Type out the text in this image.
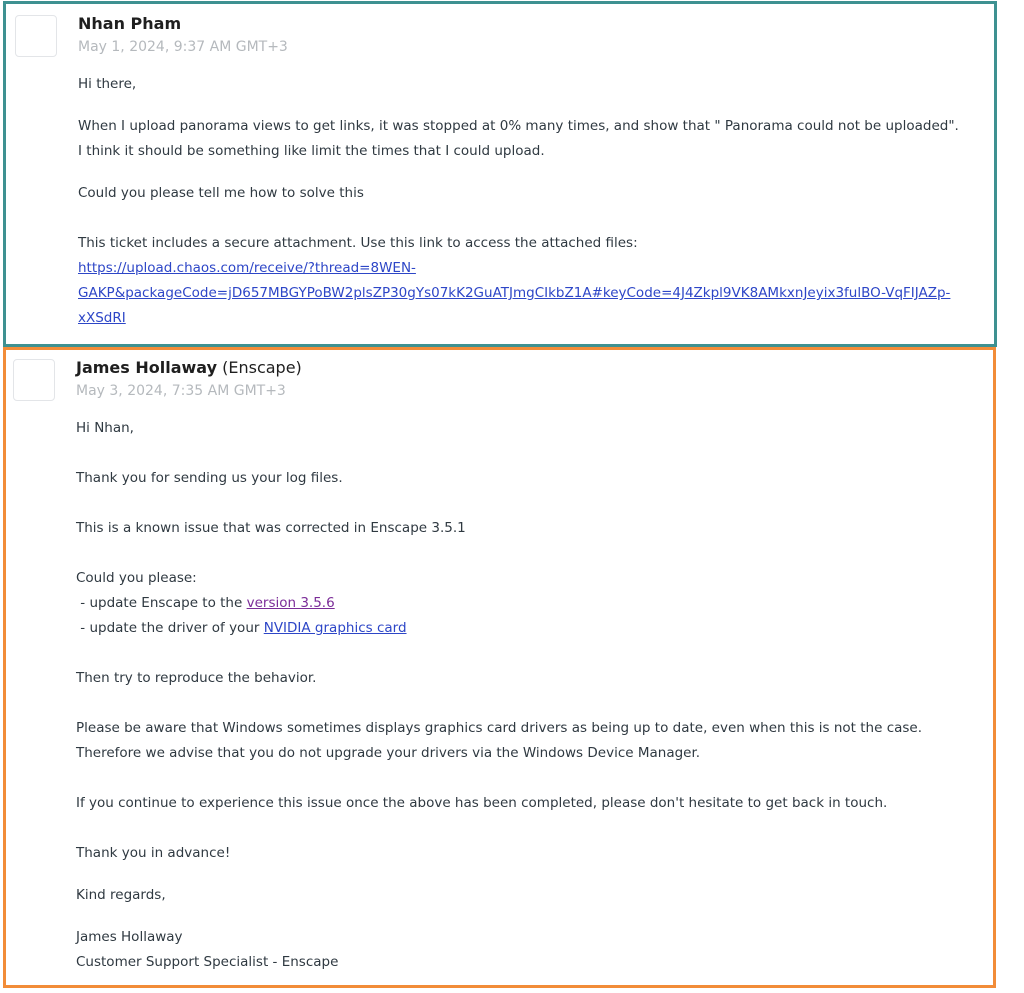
Nhan Pham
May 1, 2024, 9:37 AM GMT+3

Hi there,

When I upload panorama views to get links, it was stopped at 0% many times, and show that " Panorama could not be uploaded".
I think it should be something like limit the times that I could upload.

Could you please tell me how to solve this

This ticket includes a secure attachment. Use this link to access the attached files:

https://upload.chaos.com/receive/?thread=8WEN-
GAKP&packageCode=jD657MBGYPoBW2plsZP30gYs07kK2GuATJmgCIkbZ1A#keyCode=4J4Zkpl9VK8AMkxnJeyix3fulBO-VqFIJAZp-
xXSdRI
James Hollaway (Enscape)
May 3, 2024, 7:35 AM GMT+3

Hi Nhan,

Thank you for sending us your log files.

This is a known issue that was corrected in Enscape 3.5.1

Could you please:

- update Enscape to the version 3.5.6

- update the driver of your NVIDIA graphics card

Then try to reproduce the behavior.

Please be aware that Windows sometimes displays graphics card drivers as being up to date, even when this is not the case.
Therefore we advise that you do not upgrade your drivers via the Windows Device Manager.

If you continue to experience this issue once the above has been completed, please don't hesitate to get back in touch.

Thank you in advance!

Kind regards,

James Hollaway
Customer Support Specialist - Enscape
